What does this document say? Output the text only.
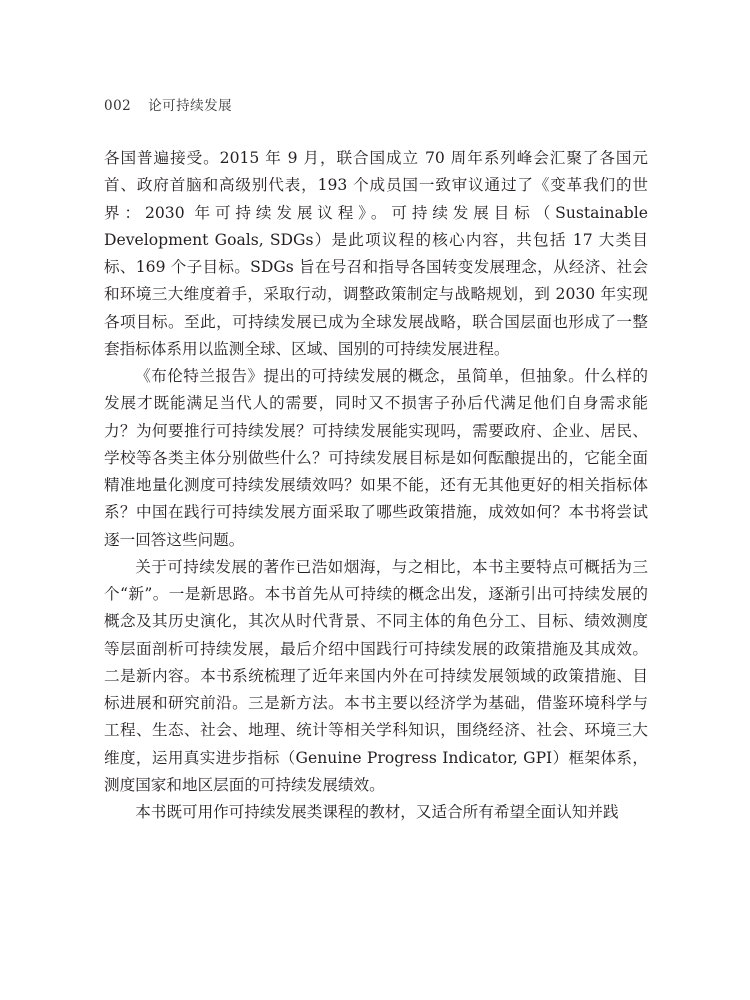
002 论可持续发展

各国普遍接受。2015 年 9 月，联合国成立 70 周年系列峰会汇聚了各国元首、政府首脑和高级别代表，193 个成员国一致审议通过了《变革我们的世界：2030 年可持续发展议程》。可持续发展目标（Sustainable Development Goals, SDGs）是此项议程的核心内容，共包括 17 大类目标、169 个子目标。SDGs 旨在号召和指导各国转变发展理念，从经济、社会和环境三大维度着手，采取行动，调整政策制定与战略规划，到 2030 年实现各项目标。至此，可持续发展已成为全球发展战略，联合国层面也形成了一整套指标体系用以监测全球、区域、国别的可持续发展进程。

《布伦特兰报告》提出的可持续发展的概念，虽简单，但抽象。什么样的发展才既能满足当代人的需要，同时又不损害子孙后代满足他们自身需求能力？为何要推行可持续发展？可持续发展能实现吗，需要政府、企业、居民、学校等各类主体分别做些什么？可持续发展目标是如何酝酿提出的，它能全面精准地量化测度可持续发展绩效吗？如果不能，还有无其他更好的相关指标体系？中国在践行可持续发展方面采取了哪些政策措施，成效如何？本书将尝试逐一回答这些问题。

关于可持续发展的著作已浩如烟海，与之相比，本书主要特点可概括为三个“新”。一是新思路。本书首先从可持续的概念出发，逐渐引出可持续发展的概念及其历史演化，其次从时代背景、不同主体的角色分工、目标、绩效测度等层面剖析可持续发展，最后介绍中国践行可持续发展的政策措施及其成效。二是新内容。本书系统梳理了近年来国内外在可持续发展领域的政策措施、目标进展和研究前沿。三是新方法。本书主要以经济学为基础，借鉴环境科学与工程、生态、社会、地理、统计等相关学科知识，围绕经济、社会、环境三大维度，运用真实进步指标（Genuine Progress Indicator, GPI）框架体系，测度国家和地区层面的可持续发展绩效。

本书既可用作可持续发展类课程的教材，又适合所有希望全面认知并践
